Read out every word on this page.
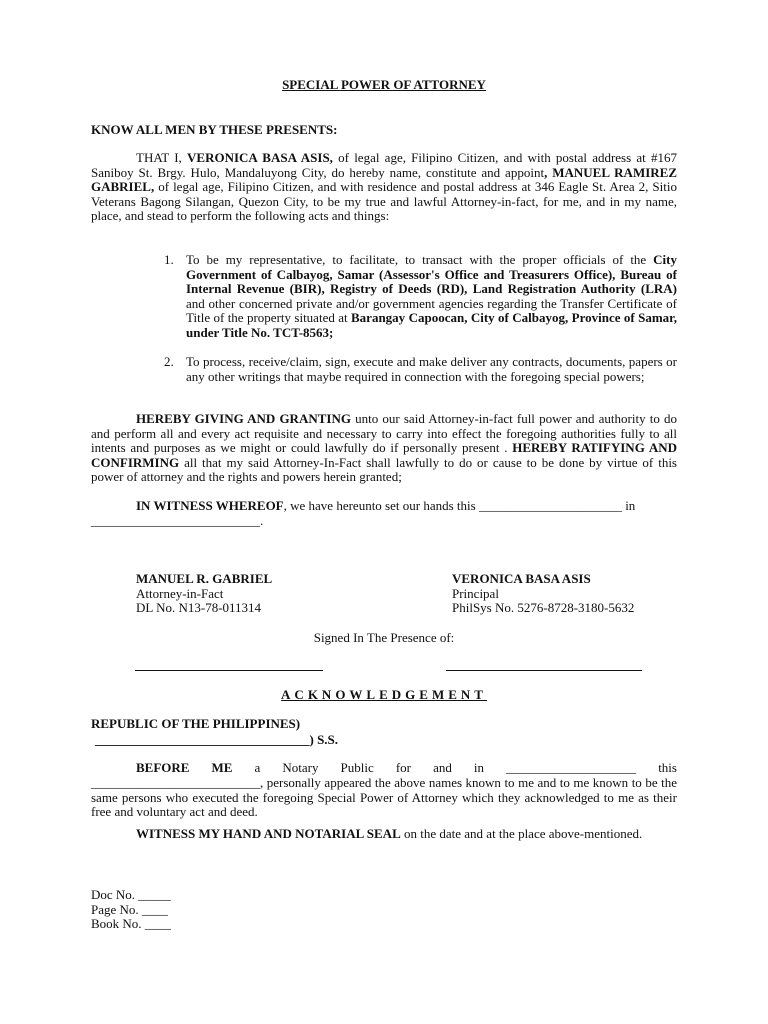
SPECIAL POWER OF ATTORNEY
KNOW ALL MEN BY THESE PRESENTS:
THAT I, VERONICA BASA ASIS, of legal age, Filipino Citizen, and with postal address at #167 Saniboy St. Brgy. Hulo, Mandaluyong City, do hereby name, constitute and appoint, MANUEL RAMIREZ GABRIEL, of legal age, Filipino Citizen, and with residence and postal address at 346 Eagle St. Area 2, Sitio Veterans Bagong Silangan, Quezon City, to be my true and lawful Attorney-in-fact, for me, and in my name, place, and stead to perform the following acts and things:
1. To be my representative, to facilitate, to transact with the proper officials of the City Government of Calbayog, Samar (Assessor's Office and Treasurers Office), Bureau of Internal Revenue (BIR), Registry of Deeds (RD), Land Registration Authority (LRA) and other concerned private and/or government agencies regarding the Transfer Certificate of Title of the property situated at Barangay Capoocan, City of Calbayog, Province of Samar, under Title No. TCT-8563;
2. To process, receive/claim, sign, execute and make deliver any contracts, documents, papers or any other writings that maybe required in connection with the foregoing special powers;
HEREBY GIVING AND GRANTING unto our said Attorney-in-fact full power and authority to do and perform all and every act requisite and necessary to carry into effect the foregoing authorities fully to all intents and purposes as we might or could lawfully do if personally present . HEREBY RATIFYING AND CONFIRMING all that my said Attorney-In-Fact shall lawfully to do or cause to be done by virtue of this power of attorney and the rights and powers herein granted;
IN WITNESS WHEREOF, we have hereunto set our hands this ______________________ in
__________________________.
MANUEL R. GABRIEL
Attorney-in-Fact
DL No. N13-78-011314
VERONICA BASA ASIS
Principal
PhilSys No. 5276-8728-3180-5632
Signed In The Presence of:
ACKNOWLEDGEMENT
REPUBLIC OF THE PHILIPPINES)
_________________________________) S.S.
BEFORE ME a Notary Public for and in ____________________ this
__________________________, personally appeared the above names known to me and to me known to be the same persons who executed the foregoing Special Power of Attorney which they acknowledged to me as their free and voluntary act and deed.
WITNESS MY HAND AND NOTARIAL SEAL on the date and at the place above-mentioned.
Doc No. _____
Page No. ____
Book No. ____
